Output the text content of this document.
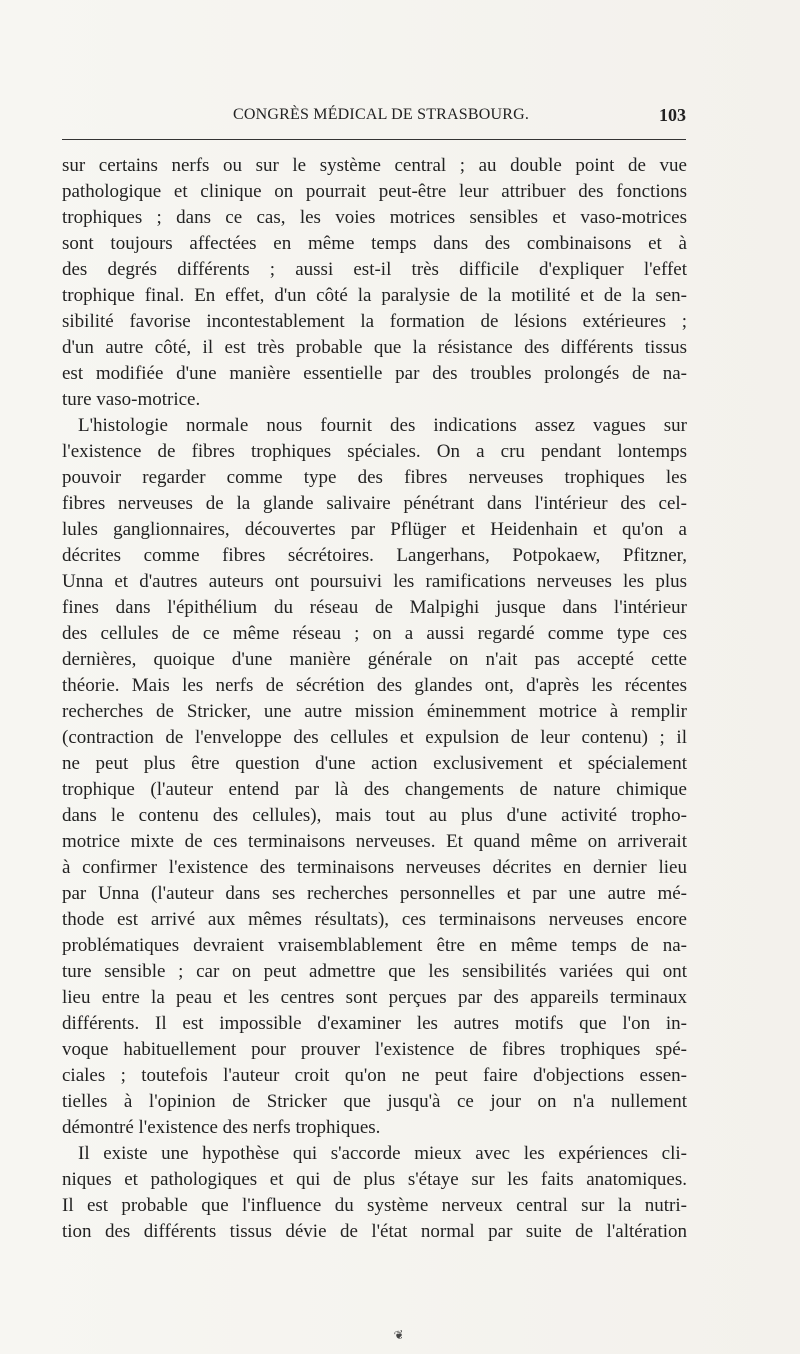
CONGRÈS MÉDICAL DE STRASBOURG.	103
sur certains nerfs ou sur le système central ; au double point de vue
pathologique et clinique on pourrait peut-être leur attribuer des fonctions
trophiques ; dans ce cas, les voies motrices sensibles et vaso-motrices
sont toujours affectées en même temps dans des combinaisons et à
des degrés différents ; aussi est-il très difficile d'expliquer l'effet
trophique final. En effet, d'un côté la paralysie de la motilité et de la sen-
sibilité favorise incontestablement la formation de lésions extérieures ;
d'un autre côté, il est très probable que la résistance des différents tissus
est modifiée d'une manière essentielle par des troubles prolongés de na-
ture vaso-motrice.
L'histologie normale nous fournit des indications assez vagues sur
l'existence de fibres trophiques spéciales. On a cru pendant lontemps
pouvoir regarder comme type des fibres nerveuses trophiques les
fibres nerveuses de la glande salivaire pénétrant dans l'intérieur des cel-
lules ganglionnaires, découvertes par Pflüger et Heidenhain et qu'on a
décrites comme fibres sécrétoires. Langerhans, Potpokaew, Pfitzner,
Unna et d'autres auteurs ont poursuivi les ramifications nerveuses les plus
fines dans l'épithélium du réseau de Malpighi jusque dans l'intérieur
des cellules de ce même réseau ; on a aussi regardé comme type ces
dernières, quoique d'une manière générale on n'ait pas accepté cette
théorie. Mais les nerfs de sécrétion des glandes ont, d'après les récentes
recherches de Stricker, une autre mission éminemment motrice à remplir
(contraction de l'enveloppe des cellules et expulsion de leur contenu) ; il
ne peut plus être question d'une action exclusivement et spécialement
trophique (l'auteur entend par là des changements de nature chimique
dans le contenu des cellules), mais tout au plus d'une activité tropho-
motrice mixte de ces terminaisons nerveuses. Et quand même on arriverait
à confirmer l'existence des terminaisons nerveuses décrites en dernier lieu
par Unna (l'auteur dans ses recherches personnelles et par une autre mé-
thode est arrivé aux mêmes résultats), ces terminaisons nerveuses encore
problématiques devraient vraisemblablement être en même temps de na-
ture sensible ; car on peut admettre que les sensibilités variées qui ont
lieu entre la peau et les centres sont perçues par des appareils terminaux
différents. Il est impossible d'examiner les autres motifs que l'on in-
voque habituellement pour prouver l'existence de fibres trophiques spé-
ciales ; toutefois l'auteur croit qu'on ne peut faire d'objections essen-
tielles à l'opinion de Stricker que jusqu'à ce jour on n'a nullement
démontré l'existence des nerfs trophiques.
Il existe une hypothèse qui s'accorde mieux avec les expériences cli-
niques et pathologiques et qui de plus s'étaye sur les faits anatomiques.
Il est probable que l'influence du système nerveux central sur la nutri-
tion des différents tissus dévie de l'état normal par suite de l'altération
❦
